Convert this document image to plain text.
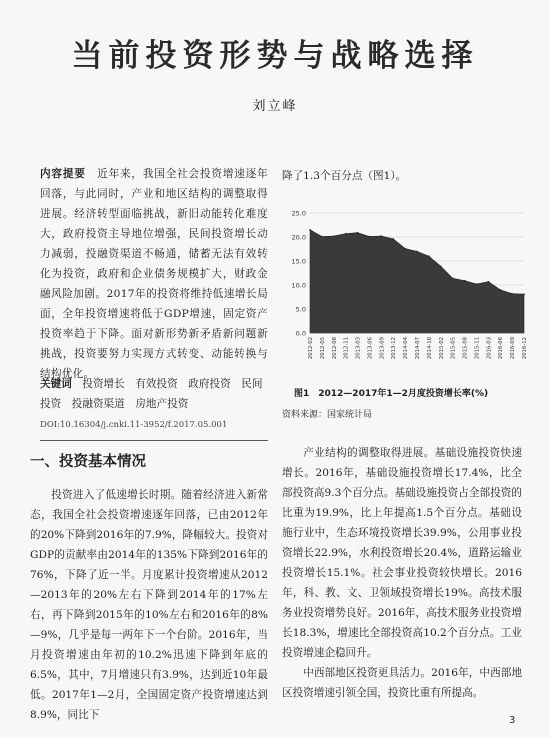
当前投资形势与战略选择
刘立峰
内容提要　 近年来，我国全社会投资增速逐年回落，与此同时，产业和地区结构的调整取得进展。经济转型面临挑战，新旧动能转化难度大，政府投资主导地位增强，民间投资增长动力减弱，投融资渠道不畅通，储蓄无法有效转化为投资，政府和企业债务规模扩大，财政金融风险加剧。2017年的投资将维持低速增长局面，全年投资增速将低于GDP增速，固定资产投资率趋于下降。面对新形势新矛盾新问题新挑战，投资要努力实现方式转变、动能转换与结构优化。
关键词　 投资增长　有效投资　政府投资　民间投资　投融资渠道　房地产投资
DOI:10.16304/j.cnki.11-3952/f.2017.05.001
一、投资基本情况

投资进入了低速增长时期。随着经济进入新常态，我国全社会投资增速逐年回落，已由2012年的20%下降到2016年的7.9%，降幅较大。投资对GDP的贡献率由2014年的135%下降到2016年的76%，下降了近一半。月度累计投资增速从2012—2013年的20%左右下降到2014年的17%左右，再下降到2015年的10%左右和2016年的8%—9%，几乎是每一两年下一个台阶。2016年，当月投资增速由年初的10.2%迅速下降到年底的6.5%，其中，7月增速只有3.9%，达到近10年最低。2017年1—2月，全国固定资产投资增速达到8.9%，同比下

降了1.3个百分点（图1）。
0.0
5.0
10.0
15.0
20.0
25.0
2012-02 2012-05 2012-08 2012-11 2013-03 2013-06 2013-09 2013-12 2014-04 2014-07 2014-10 2015-02 2015-05 2015-08 2015-11 2016-03 2016-06 2016-09 2016-12
图1　2012—2017年1—2月度投资增长率(%)
资料来源：国家统计局

产业结构的调整取得进展。基础设施投资快速增长。2016年，基础设施投资增长17.4%，比全部投资高9.3个百分点。基础设施投资占全部投资的比重为19.9%，比上年提高1.5个百分点。基础设施行业中，生态环境投资增长39.9%，公用事业投资增长22.9%，水利投资增长20.4%，道路运输业投资增长15.1%。社会事业投资较快增长。2016年，科、教、文、卫领域投资增长19%。高技术服务业投资增势良好。2016年，高技术服务业投资增长18.3%，增速比全部投资高10.2个百分点。工业投资增速企稳回升。

中西部地区投资更具活力。2016年，中西部地区投资增速引领全国，投资比重有所提高。

3
